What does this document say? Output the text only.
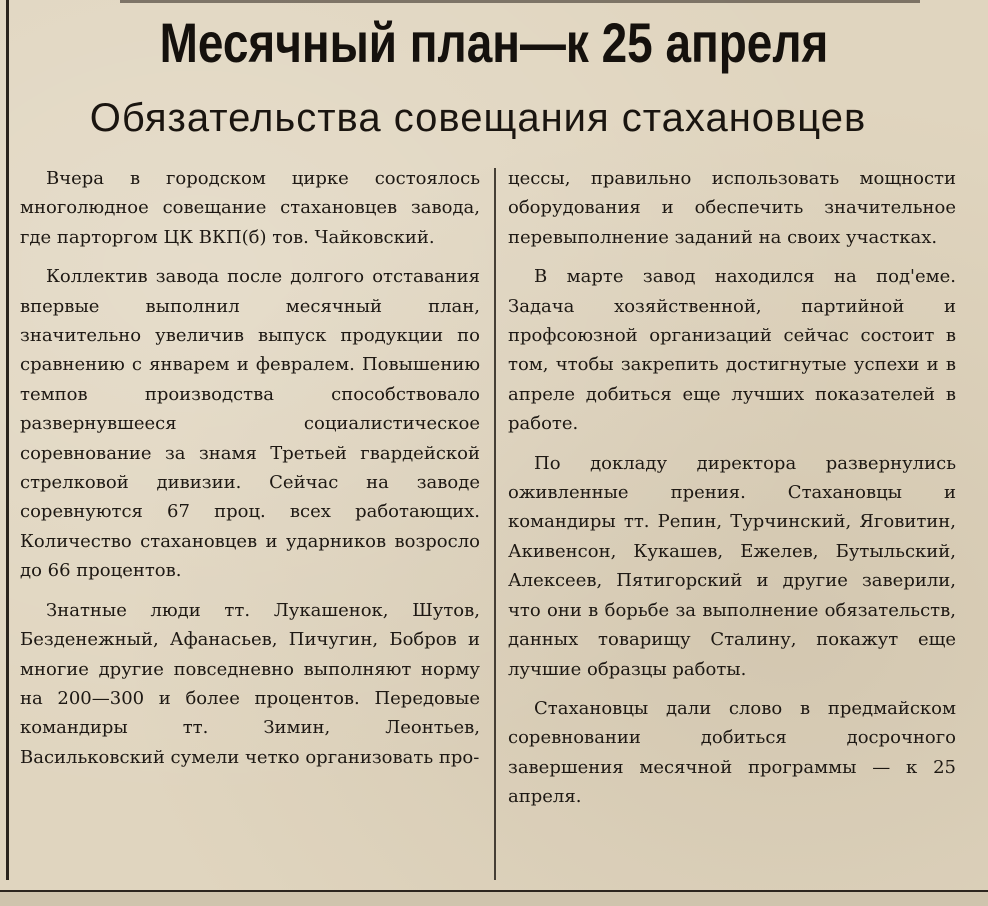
Месячный план—к 25 апреля
Обязательства совещания стахановцев

Вчера в городском цирке состоялось многолюдное совещание стахановцев завода, где парторгом ЦК ВКП(б) тов. Чайковский.

Коллектив завода после долгого отставания впервые выполнил месячный план, значительно увеличив выпуск продукции по сравнению с январем и февралем. Повышению темпов производства способствовало развернувшееся социалистическое соревнование за знамя Третьей гвардейской стрелковой дивизии. Сейчас на заводе соревнуются 67 проц. всех работающих. Количество стахановцев и ударников возросло до 66 процентов.

Знатные люди тт. Лукашенок, Шутов, Безденежный, Афанасьев, Пичугин, Бобров и многие другие повседневно выполняют норму на 200—300 и более процентов. Передовые командиры тт. Зимин, Леонтьев, Васильковский сумели четко организовать про-

цессы, правильно использовать мощности оборудования и обеспечить значительное перевыполнение заданий на своих участках.

В марте завод находился на под'еме. Задача хозяйственной, партийной и профсоюзной организаций сейчас состоит в том, чтобы закрепить достигнутые успехи и в апреле добиться еще лучших показателей в работе.

По докладу директора развернулись оживленные прения. Стахановцы и командиры тт. Репин, Турчинский, Яговитин, Акивенсон, Кукашев, Ежелев, Бутыльский, Алексеев, Пятигорский и другие заверили, что они в борьбе за выполнение обязательств, данных товарищу Сталину, покажут еще лучшие образцы работы.

Стахановцы дали слово в предмайском соревновании добиться досрочного завершения месячной программы — к 25 апреля.
